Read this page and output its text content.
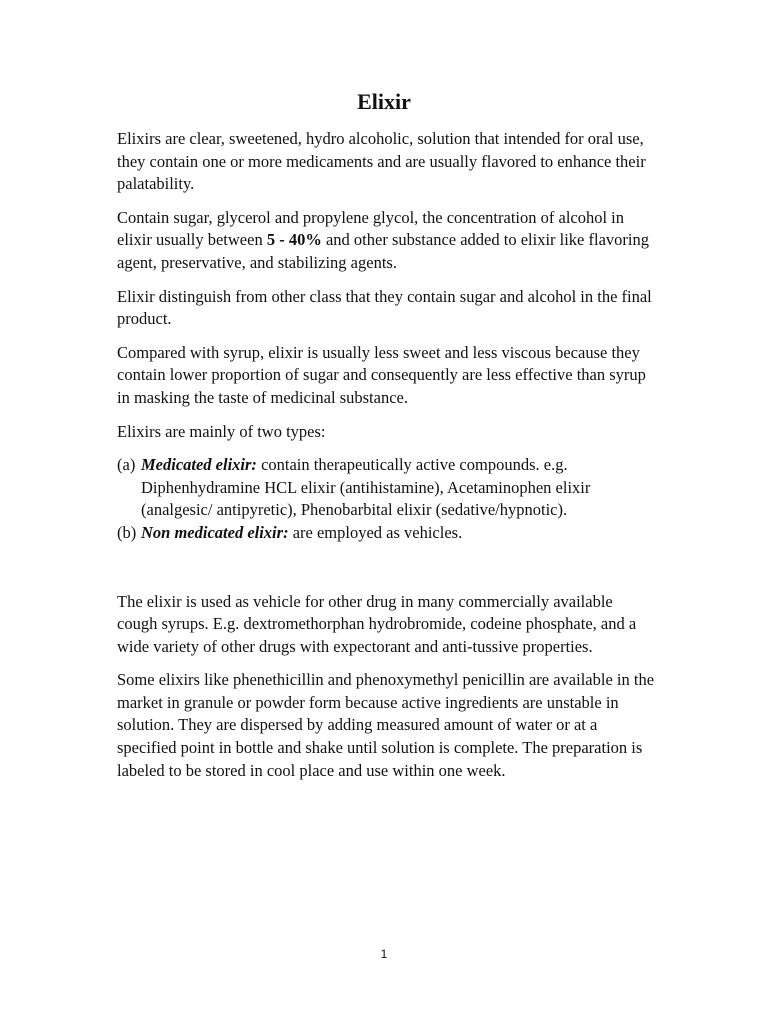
Elixir

Elixirs are clear, sweetened, hydro alcoholic, solution that intended for oral use, they contain one or more medicaments and are usually flavored to enhance their palatability.

Contain sugar, glycerol and propylene glycol, the concentration of alcohol in elixir usually between 5 - 40% and other substance added to elixir like flavoring agent, preservative, and stabilizing agents.

Elixir distinguish from other class that they contain sugar and alcohol in the final product.

Compared with syrup, elixir is usually less sweet and less viscous because they contain lower proportion of sugar and consequently are less effective than syrup in masking the taste of medicinal substance.

Elixirs are mainly of two types:

(a) Medicated elixir: contain therapeutically active compounds. e.g. Diphenhydramine HCL elixir (antihistamine), Acetaminophen elixir (analgesic/ antipyretic), Phenobarbital elixir (sedative/hypnotic).
(b) Non medicated elixir: are employed as vehicles.

The elixir is used as vehicle for other drug in many commercially available cough syrups. E.g. dextromethorphan hydrobromide, codeine phosphate, and a wide variety of other drugs with expectorant and anti-tussive properties.

Some elixirs like phenethicillin and phenoxymethyl penicillin are available in the market in granule or powder form because active ingredients are unstable in solution. They are dispersed by adding measured amount of water or at a specified point in bottle and shake until solution is complete. The preparation is labeled to be stored in cool place and use within one week.

1
